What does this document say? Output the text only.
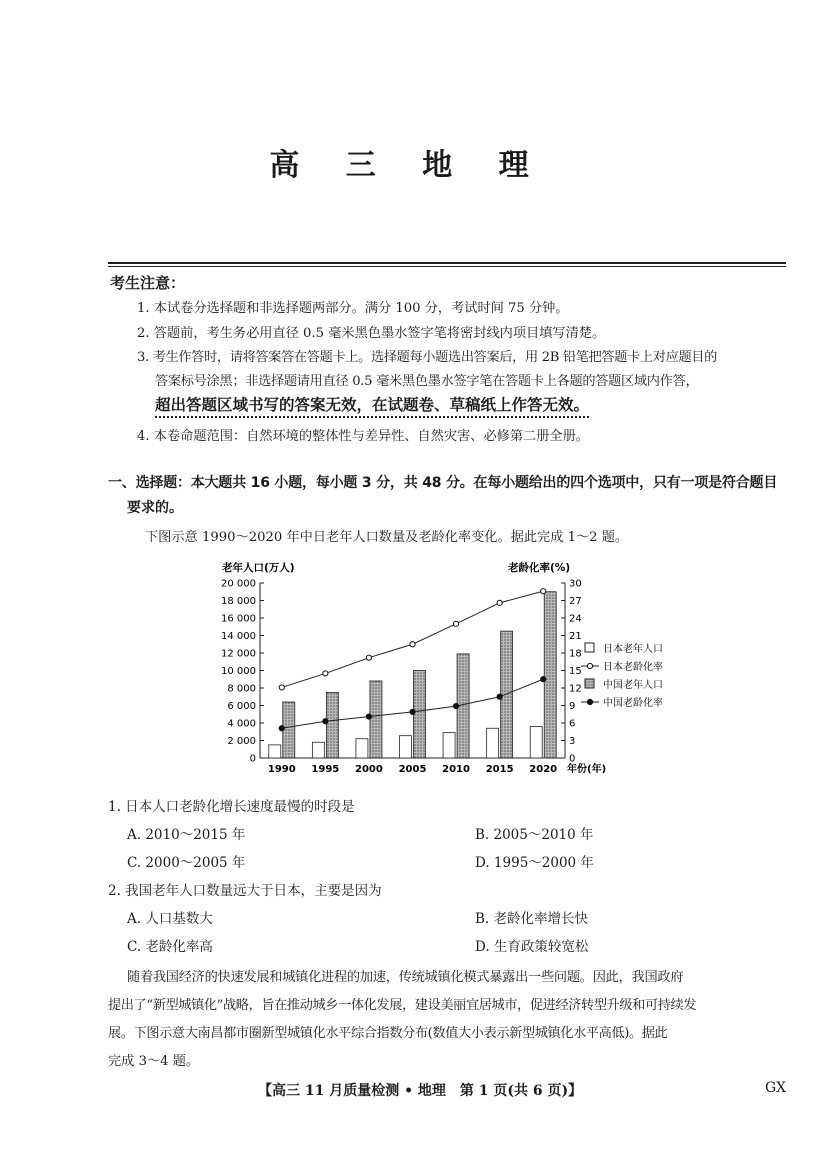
高 三 地 理
考生注意：
1. 本试卷分选择题和非选择题两部分。满分 100 分，考试时间 75 分钟。
2. 答题前，考生务必用直径 0.5 毫米黑色墨水签字笔将密封线内项目填写清楚。
3. 考生作答时，请将答案答在答题卡上。选择题每小题选出答案后，用 2B 铅笔把答题卡上对应题目的
答案标号涂黑；非选择题请用直径 0.5 毫米黑色墨水签字笔在答题卡上各题的答题区域内作答，
超出答题区域书写的答案无效，在试题卷、草稿纸上作答无效。
4. 本卷命题范围：自然环境的整体性与差异性、自然灾害、必修第二册全册。
一、选择题：本大题共 16 小题，每小题 3 分，共 48 分。在每小题给出的四个选项中，只有一项是符合题目
要求的。
下图示意 1990～2020 年中日老年人口数量及老龄化率变化。据此完成 1～2 题。
老年人口(万人)	老龄化率(%)
0
2 000
4 000
6 000
8 000
10 000
12 000
14 000
16 000
18 000
20 000
0
3
6
9
12
15
18
21
24
27
30
1990 1995 2000 2005 2010 2015 2020 年份(年)
日本老年人口
日本老龄化率
中国老年人口
中国老龄化率
1. 日本人口老龄化增长速度最慢的时段是
A. 2010～2015 年	B. 2005～2010 年
C. 2000～2005 年	D. 1995～2000 年
2. 我国老年人口数量远大于日本，主要是因为
A. 人口基数大	B. 老龄化率增长快
C. 老龄化率高	D. 生育政策较宽松
随着我国经济的快速发展和城镇化进程的加速，传统城镇化模式暴露出一些问题。因此，我国政府
提出了“新型城镇化”战略，旨在推动城乡一体化发展，建设美丽宜居城市，促进经济转型升级和可持续发
展。下图示意大南昌都市圈新型城镇化水平综合指数分布(数值大小表示新型城镇化水平高低)。据此
完成 3～4 题。
【高三 11 月质量检测 • 地理　第 1 页(共 6 页)】	GX
